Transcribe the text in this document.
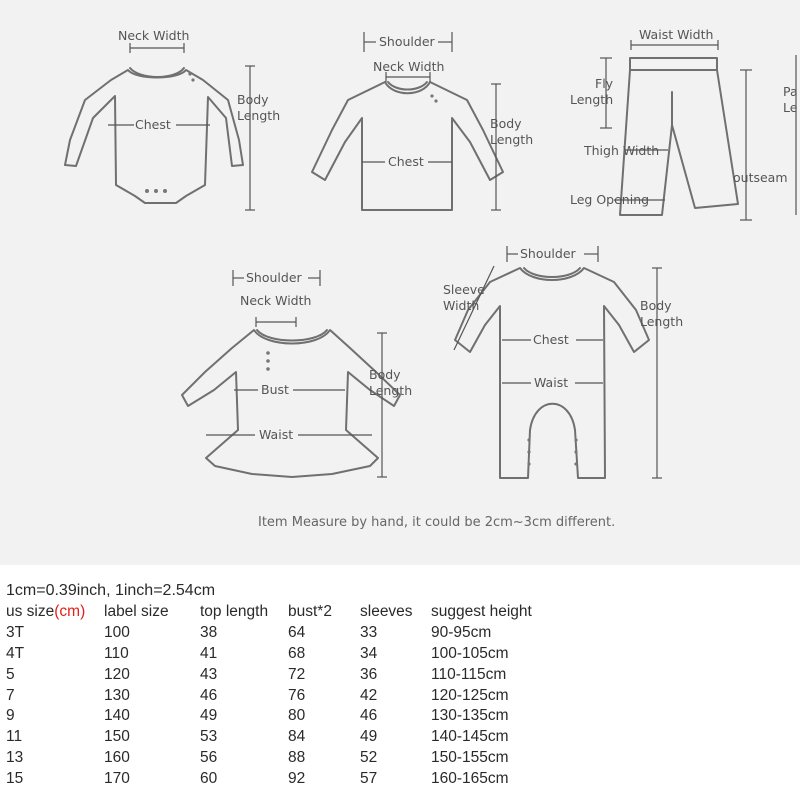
Neck Width
Chest
Body
Length
Shoulder
Neck Width
Chest
Body
Length
Waist Width
Fly
Length
Thigh Width
outseam
Leg Opening
Pa
Le
Shoulder
Neck Width
Bust
Waist
Body
Length
Shoulder
Sleeve
Width
Chest
Waist
Body
Length
Item Measure by hand, it could be 2cm~3cm different.
1cm=0.39inch, 1inch=2.54cm
us size(cm)	label size	top length	bust*2	sleeves	suggest height
3T	100	38	64	33	90-95cm
4T	110	41	68	34	100-105cm
5	120	43	72	36	110-115cm
7	130	46	76	42	120-125cm
9	140	49	80	46	130-135cm
11	150	53	84	49	140-145cm
13	160	56	88	52	150-155cm
15	170	60	92	57	160-165cm
